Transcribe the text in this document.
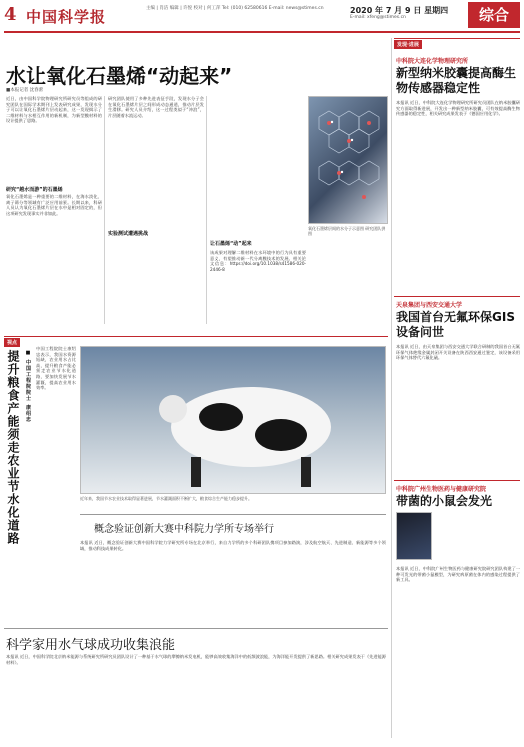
4 中国科学报	主编 | 肖洁 编辑 | 许悦 校对 | 何工萍 Tel: (010) 62580616 E-mail: news@stimes.cn	2020 年 7 月 9 日 星期四
E-mail: xfeng@stimes.cn	综合
水让氧化石墨烯“动起来”
■本报记者 沈春蕾
近日，由中国科学院物理研究所研究员等组成的研究团队在国际学术期刊上发表研究成果，发现水分子可以让氧化石墨烯片层动起来，这一发现揭示了二维材料与水相互作用的新机制，为新型膜材料的设计提供了思路。
研究“越水而游”的石墨烯
氧化石墨烯是一种重要的二维材料，在海水淡化、离子筛分等领域有广泛应用前景。长期以来，科研人员认为氧化石墨烯片层在水中是相对固定的，但这项研究发现事实并非如此。
实验测试遭遇挑战
研究团队使用了多种先进表征手段，发现水分子会在氧化石墨烯片层之间形成动态通道，推动片层发生滑移。研究人员介绍，这一过程类似于“冲浪”，片层随着水流运动。
让石墨烯“动”起来
该成果对理解二维材料在水环境中的行为具有重要意义，有望推动新一代分离膜技术的发展。相关论文信息：https://doi.org/10.1038/s41586-020-2446-8
氧化石墨烯层间的水分子示意图 研究团队供图
发现·进展
中科院大连化学物理研究所
新型纳米胶囊提高酶生物传感器稳定性
本报讯 近日，中科院大连化学物理研究所研究员团队在纳米胶囊研究方面取得新进展，开发出一种新型纳米胶囊，可有效提高酶生物传感器的稳定性，相关研究成果发表于《德国应用化学》。
天泉集团与西安交通大学
我国首台无氟环保GIS设备问世
本报讯 近日，由天泉集团与西安交通大学联合研制的我国首台无氟环保气体绝缘金属封闭开关设备在陕西西安通过鉴定，该设备采用环保气体替代六氟化硫。
中科院广州生物医药与健康研究院
带菌的小鼠会发光
本报讯 近日，中科院广州生物医药与健康研究院研究团队构建了一种可发光的带菌小鼠模型，为研究病原菌在体内的感染过程提供了新工具。
视点
提升粮食产能须走农业节水化道路 ■ 中国工程院院士 康绍忠
中国工程院院士康绍忠表示，我国水资源短缺，农业用水占比高，提升粮食产能必须走农业节水化道路，要加快发展节水灌溉，提高农业用水效率。
近年来，我国节水农业技术取得显著进展，节水灌溉面积不断扩大，粮食综合生产能力稳步提升。
概念验证创新大赛中科院力学所专场举行
本报讯 近日，概念验证创新大赛中国科学院力学研究所专场在北京举行，来自力学所的多个科研团队携项目参加路演，涉及航空航天、先进制造、新能源等多个领域，推动科技成果转化。
科学家用水气球成功收集浪能
本报讯 近日，中国科学院北京纳米能源与系统研究所研究员团队设计了一种基于水气球的摩擦纳米发电机，能够高效收集海洋中的低频波浪能，为海洋能开发提供了新思路。相关研究成果发表于《先进能源材料》。
